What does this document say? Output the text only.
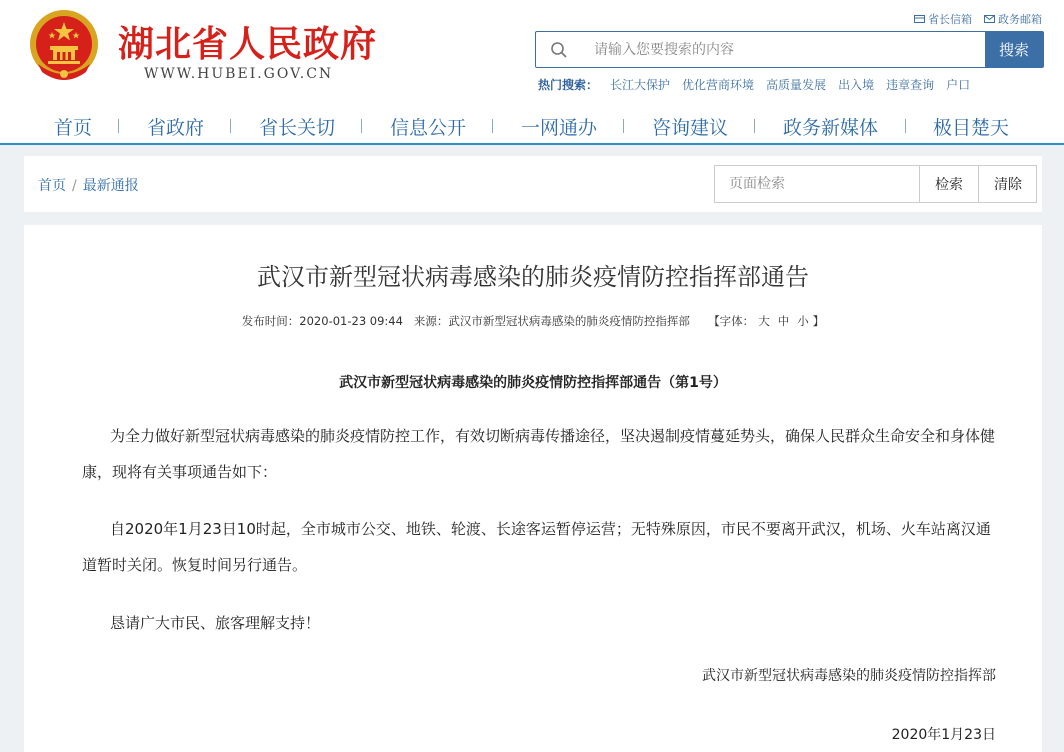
湖北省人民政府
WWW.HUBEI.GOV.CN
省长信箱 政务邮箱
请输入您要搜索的内容
搜索
热门搜索： 长江大保护 优化营商环境 高质量发展 出入境 违章查询 户口
首页	省政府	省长关切	信息公开	一网通办	咨询建议	政务新媒体	极目楚天
首页 / 最新通报
页面检索	检索	清除
武汉市新型冠状病毒感染的肺炎疫情防控指挥部通告
发布时间：2020-01-23 09:44 来源：武汉市新型冠状病毒感染的肺炎疫情防控指挥部 【字体： 大 中 小 】
武汉市新型冠状病毒感染的肺炎疫情防控指挥部通告（第1号）
为全力做好新型冠状病毒感染的肺炎疫情防控工作，有效切断病毒传播途径，坚决遏制疫情蔓延势头，确保人民群众生命安全和身体健康，现将有关事项通告如下：
自2020年1月23日10时起，全市城市公交、地铁、轮渡、长途客运暂停运营；无特殊原因，市民不要离开武汉，机场、火车站离汉通道暂时关闭。恢复时间另行通告。
恳请广大市民、旅客理解支持！
武汉市新型冠状病毒感染的肺炎疫情防控指挥部
2020年1月23日
